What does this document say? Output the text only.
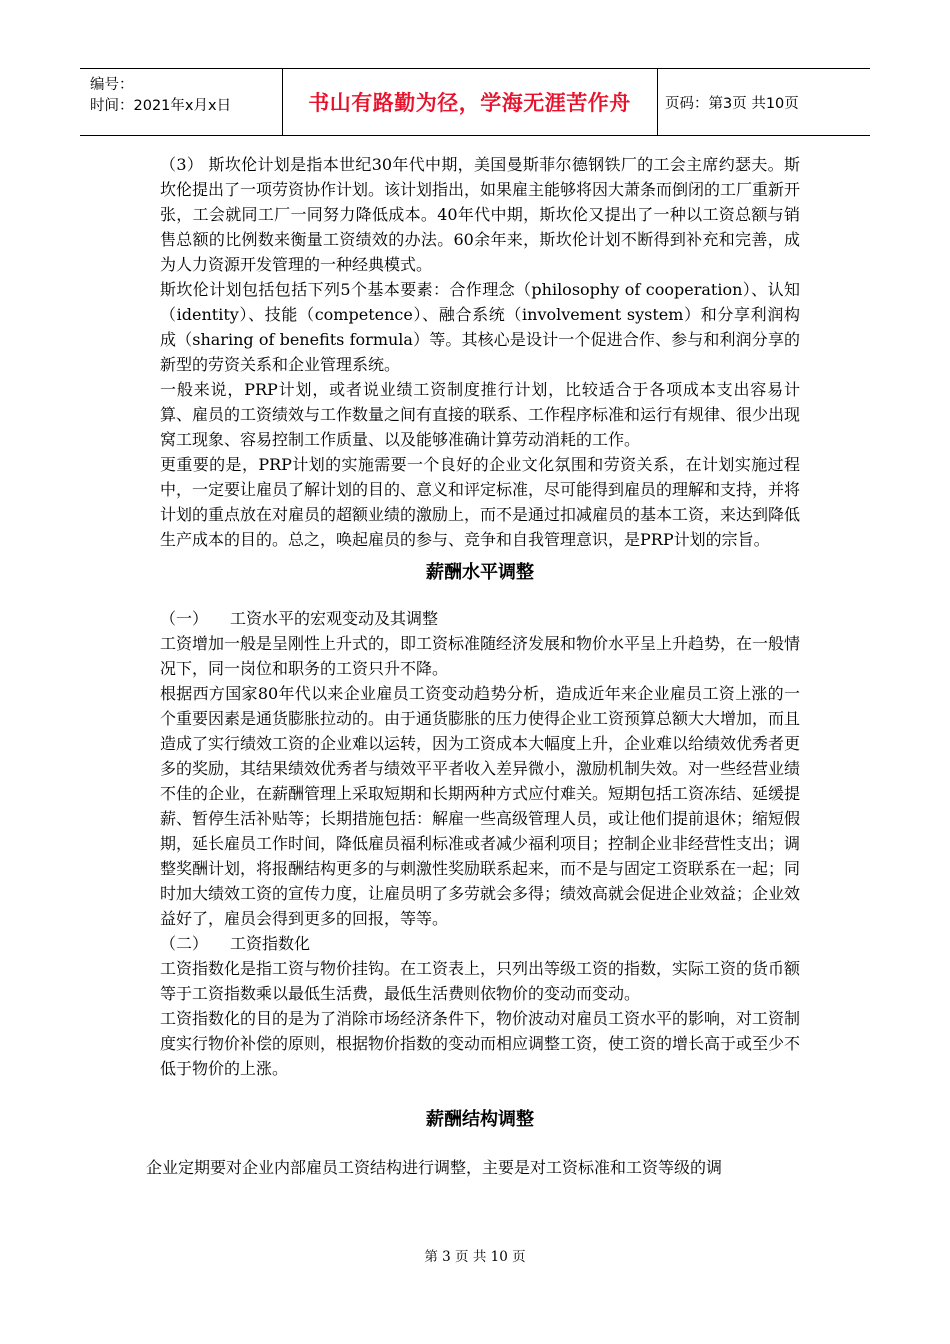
编号：
时间：2021年x月x日	书山有路勤为径，学海无涯苦作舟	页码：第3页 共10页

（3） 斯坎伦计划是指本世纪30年代中期，美国曼斯菲尔德钢铁厂的工会主席约瑟夫。斯坎伦提出了一项劳资协作计划。该计划指出，如果雇主能够将因大萧条而倒闭的工厂重新开张，工会就同工厂一同努力降低成本。40年代中期，斯坎伦又提出了一种以工资总额与销售总额的比例数来衡量工资绩效的办法。60余年来，斯坎伦计划不断得到补充和完善，成为人力资源开发管理的一种经典模式。

斯坎伦计划包括包括下列5个基本要素：合作理念（philosophy of cooperation）、认知（identity）、技能（competence）、融合系统（involvement system）和分享利润构成（sharing of benefits formula）等。其核心是设计一个促进合作、参与和利润分享的新型的劳资关系和企业管理系统。

一般来说，PRP计划，或者说业绩工资制度推行计划，比较适合于各项成本支出容易计算、雇员的工资绩效与工作数量之间有直接的联系、工作程序标准和运行有规律、很少出现窝工现象、容易控制工作质量、以及能够准确计算劳动消耗的工作。

更重要的是，PRP计划的实施需要一个良好的企业文化氛围和劳资关系，在计划实施过程中，一定要让雇员了解计划的目的、意义和评定标准，尽可能得到雇员的理解和支持，并将计划的重点放在对雇员的超额业绩的激励上，而不是通过扣减雇员的基本工资，来达到降低生产成本的目的。总之，唤起雇员的参与、竞争和自我管理意识，是PRP计划的宗旨。

薪酬水平调整

（一） 工资水平的宏观变动及其调整

工资增加一般是呈刚性上升式的，即工资标准随经济发展和物价水平呈上升趋势，在一般情况下，同一岗位和职务的工资只升不降。

根据西方国家80年代以来企业雇员工资变动趋势分析，造成近年来企业雇员工资上涨的一个重要因素是通货膨胀拉动的。由于通货膨胀的压力使得企业工资预算总额大大增加，而且造成了实行绩效工资的企业难以运转，因为工资成本大幅度上升，企业难以给绩效优秀者更多的奖励，其结果绩效优秀者与绩效平平者收入差异微小，激励机制失效。对一些经营业绩不佳的企业，在薪酬管理上采取短期和长期两种方式应付难关。短期包括工资冻结、延缓提薪、暂停生活补贴等；长期措施包括：解雇一些高级管理人员，或让他们提前退休；缩短假期，延长雇员工作时间，降低雇员福利标准或者减少福利项目；控制企业非经营性支出；调整奖酬计划，将报酬结构更多的与刺激性奖励联系起来，而不是与固定工资联系在一起；同时加大绩效工资的宣传力度，让雇员明了多劳就会多得；绩效高就会促进企业效益；企业效益好了，雇员会得到更多的回报，等等。

（二） 工资指数化

工资指数化是指工资与物价挂钩。在工资表上，只列出等级工资的指数，实际工资的货币额等于工资指数乘以最低生活费，最低生活费则依物价的变动而变动。

工资指数化的目的是为了消除市场经济条件下，物价波动对雇员工资水平的影响，对工资制度实行物价补偿的原则，根据物价指数的变动而相应调整工资，使工资的增长高于或至少不低于物价的上涨。

薪酬结构调整

企业定期要对企业内部雇员工资结构进行调整，主要是对工资标准和工资等级的调

第 3 页 共 10 页
